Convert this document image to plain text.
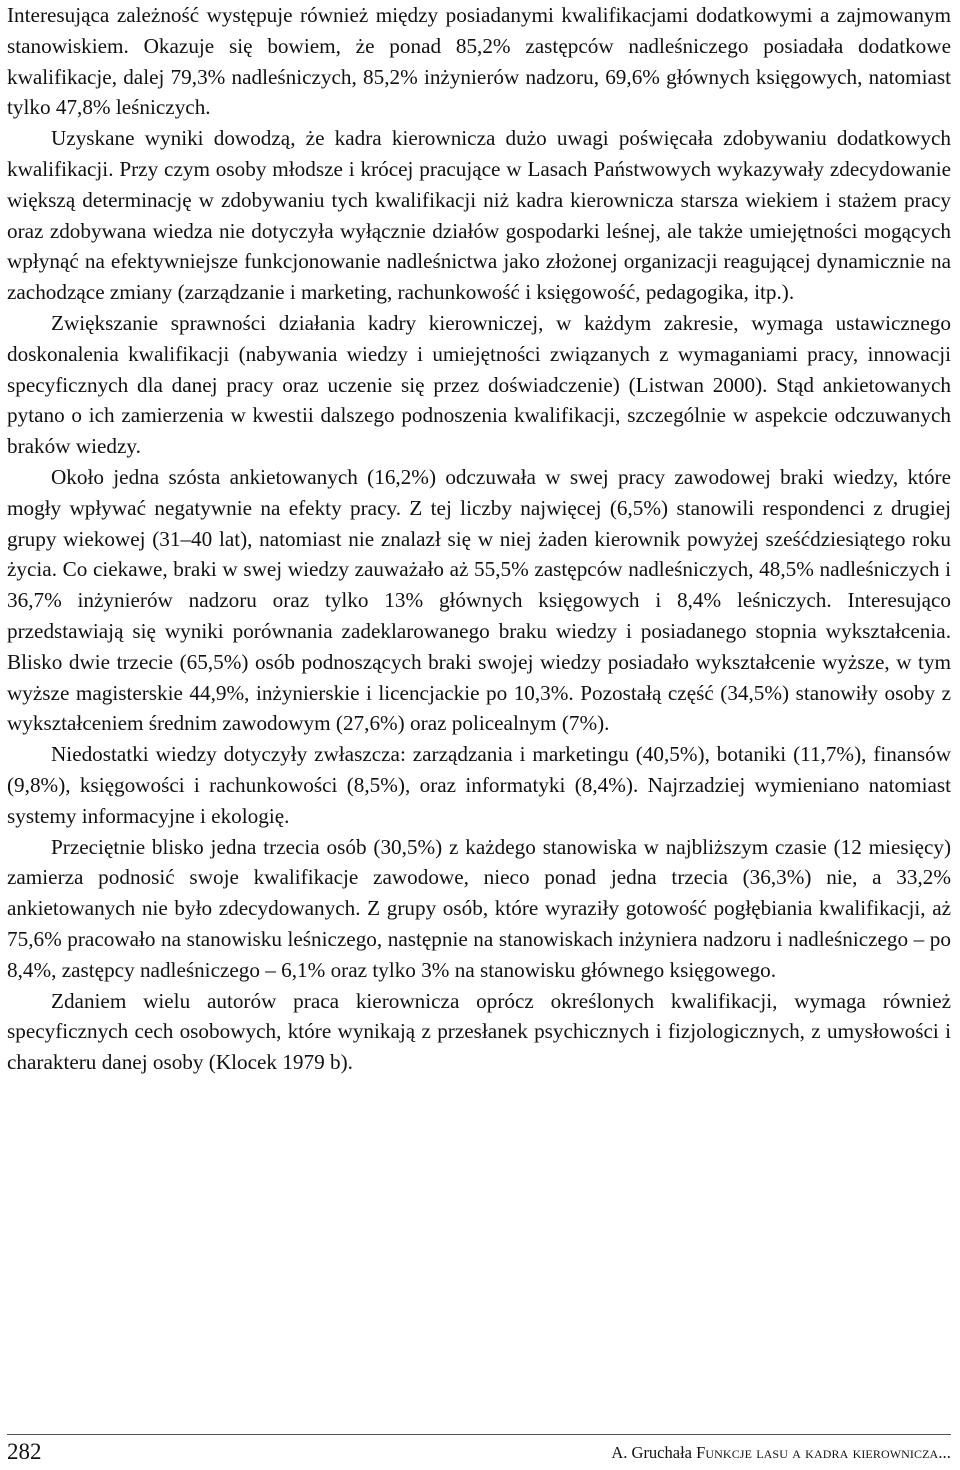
Interesująca zależność występuje również między posiadanymi kwalifikacjami dodatkowymi a zajmowanym stanowiskiem. Okazuje się bowiem, że ponad 85,2% zastępców nadleśniczego posiadała dodatkowe kwalifikacje, dalej 79,3% nadleśniczych, 85,2% inżynierów nadzoru, 69,6% głównych księgowych, natomiast tylko 47,8% leśniczych.

Uzyskane wyniki dowodzą, że kadra kierownicza dużo uwagi poświęcała zdobywaniu dodatkowych kwalifikacji. Przy czym osoby młodsze i krócej pracujące w Lasach Państwowych wykazywały zdecydowanie większą determinację w zdobywaniu tych kwalifikacji niż kadra kierownicza starsza wiekiem i stażem pracy oraz zdobywana wiedza nie dotyczyła wyłącznie działów gospodarki leśnej, ale także umiejętności mogących wpłynąć na efektywniejsze funkcjonowanie nadleśnictwa jako złożonej organizacji reagującej dynamicznie na zachodzące zmiany (zarządzanie i marketing, rachunkowość i księgowość, pedagogika, itp.).

Zwiększanie sprawności działania kadry kierowniczej, w każdym zakresie, wymaga ustawicznego doskonalenia kwalifikacji (nabywania wiedzy i umiejętności związanych z wymaganiami pracy, innowacji specyficznych dla danej pracy oraz uczenie się przez doświadczenie) (Listwan 2000). Stąd ankietowanych pytano o ich zamierzenia w kwestii dalszego podnoszenia kwalifikacji, szczególnie w aspekcie odczuwanych braków wiedzy.

Około jedna szósta ankietowanych (16,2%) odczuwała w swej pracy zawodowej braki wiedzy, które mogły wpływać negatywnie na efekty pracy. Z tej liczby najwięcej (6,5%) stanowili respondenci z drugiej grupy wiekowej (31–40 lat), natomiast nie znalazł się w niej żaden kierownik powyżej sześćdziesiątego roku życia. Co ciekawe, braki w swej wiedzy zauważało aż 55,5% zastępców nadleśniczych, 48,5% nadleśniczych i 36,7% inżynierów nadzoru oraz tylko 13% głównych księgowych i 8,4% leśniczych. Interesująco przedstawiają się wyniki porównania zadeklarowanego braku wiedzy i posiadanego stopnia wykształcenia. Blisko dwie trzecie (65,5%) osób podnoszących braki swojej wiedzy posiadało wykształcenie wyższe, w tym wyższe magisterskie 44,9%, inżynierskie i licencjackie po 10,3%. Pozostałą część (34,5%) stanowiły osoby z wykształceniem średnim zawodowym (27,6%) oraz policealnym (7%).

Niedostatki wiedzy dotyczyły zwłaszcza: zarządzania i marketingu (40,5%), botaniki (11,7%), finansów (9,8%), księgowości i rachunkowości (8,5%), oraz informatyki (8,4%). Najrzadziej wymieniano natomiast systemy informacyjne i ekologię.

Przeciętnie blisko jedna trzecia osób (30,5%) z każdego stanowiska w najbliższym czasie (12 miesięcy) zamierza podnosić swoje kwalifikacje zawodowe, nieco ponad jedna trzecia (36,3%) nie, a 33,2% ankietowanych nie było zdecydowanych. Z grupy osób, które wyraziły gotowość pogłębiania kwalifikacji, aż 75,6% pracowało na stanowisku leśniczego, następnie na stanowiskach inżyniera nadzoru i nadleśniczego – po 8,4%, zastępcy nadleśniczego – 6,1% oraz tylko 3% na stanowisku głównego księgowego.

Zdaniem wielu autorów praca kierownicza oprócz określonych kwalifikacji, wymaga również specyficznych cech osobowych, które wynikają z przesłanek psychicznych i fizjologicznych, z umysłowości i charakteru danej osoby (Klocek 1979 b).

282	A. Gruchała Funkcje lasu a kadra kierownicza...
